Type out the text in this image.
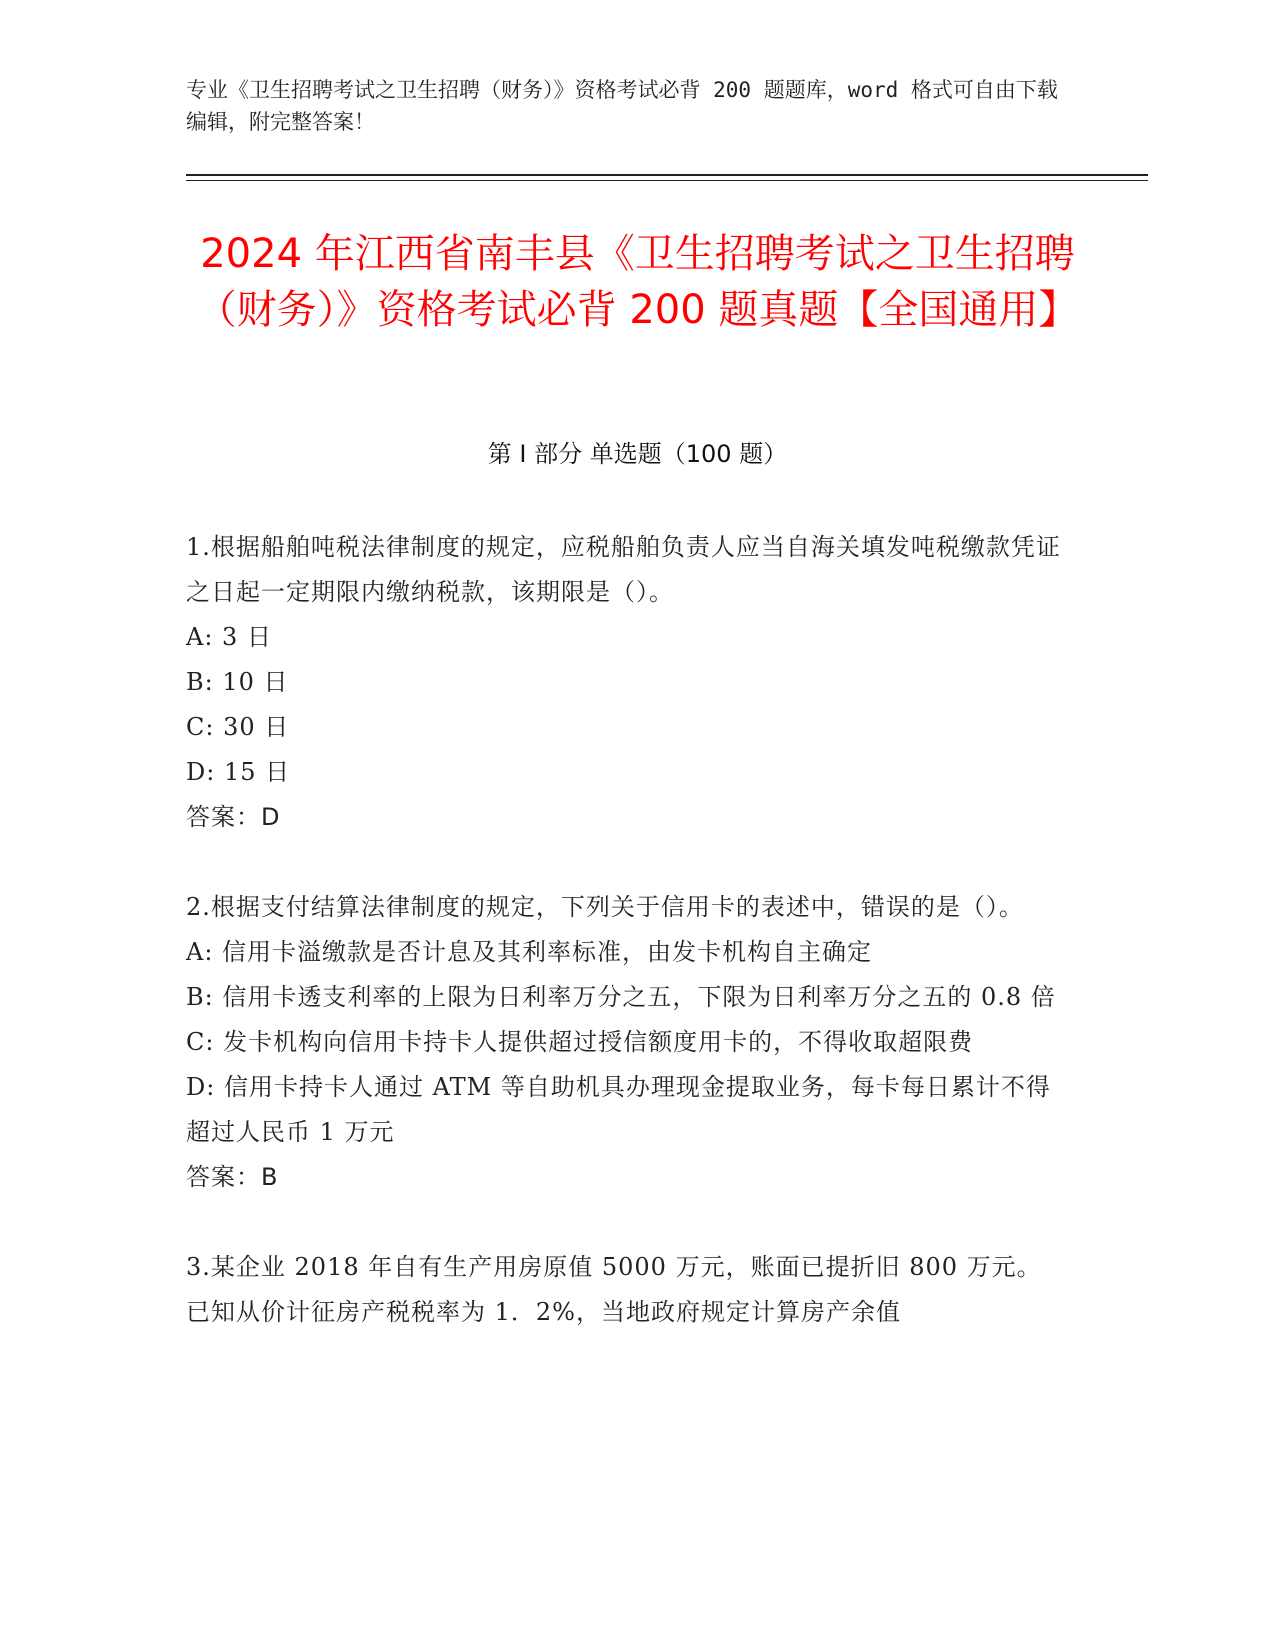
专业《卫生招聘考试之卫生招聘（财务）》资格考试必背 200 题题库，word 格式可自由下载编辑，附完整答案！
2024 年江西省南丰县《卫生招聘考试之卫生招聘（财务）》资格考试必背 200 题真题【全国通用】
第 I 部分 单选题（100 题）

1.根据船舶吨税法律制度的规定，应税船舶负责人应当自海关填发吨税缴款凭证之日起一定期限内缴纳税款，该期限是（）。

A: 3 日

B: 10 日

C: 30 日

D: 15 日

答案：D

2.根据支付结算法律制度的规定，下列关于信用卡的表述中，错误的是（）。

A: 信用卡溢缴款是否计息及其利率标准，由发卡机构自主确定

B: 信用卡透支利率的上限为日利率万分之五，下限为日利率万分之五的 0.8 倍

C: 发卡机构向信用卡持卡人提供超过授信额度用卡的，不得收取超限费

D: 信用卡持卡人通过 ATM 等自助机具办理现金提取业务，每卡每日累计不得超过人民币 1 万元

答案：B

3.某企业 2018 年自有生产用房原值 5000 万元，账面已提折旧 800 万元。已知从价计征房产税税率为 1．2%，当地政府规定计算房产余值
